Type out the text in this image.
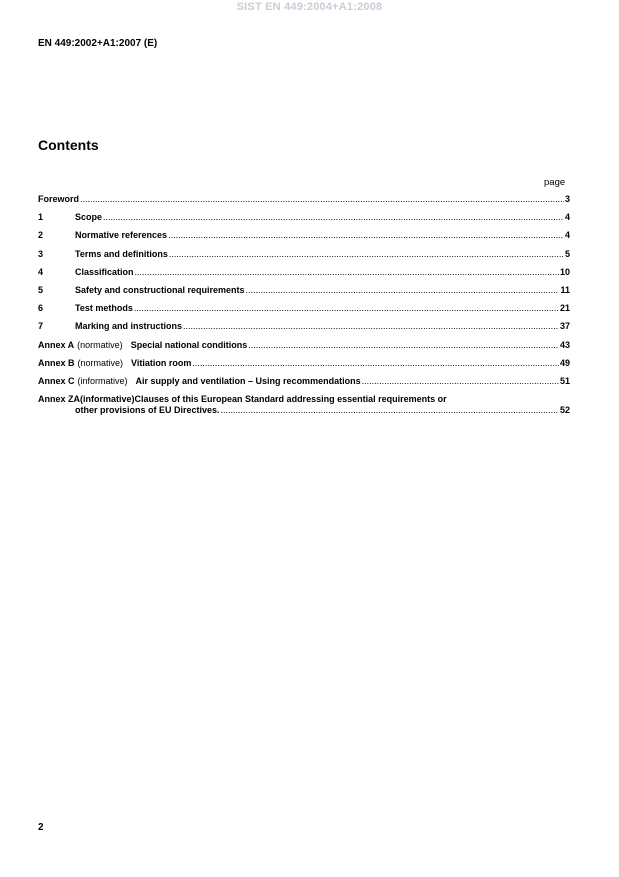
SIST EN 449:2004+A1:2008
EN 449:2002+A1:2007 (E)
Contents
page
Foreword .....	3
1	Scope .....	4
2	Normative references .....	4
3	Terms and definitions .....	5
4	Classification .....	10
5	Safety and constructional requirements .....	11
6	Test methods .....	21
7	Marking and instructions .....	37
Annex A (normative) Special national conditions .....	43
Annex B (normative) Vitiation room .....	49
Annex C (informative) Air supply and ventilation – Using recommendations .....	51
Annex ZA (informative) Clauses of this European Standard addressing essential requirements or
other provisions of EU Directives. .....	52
2
